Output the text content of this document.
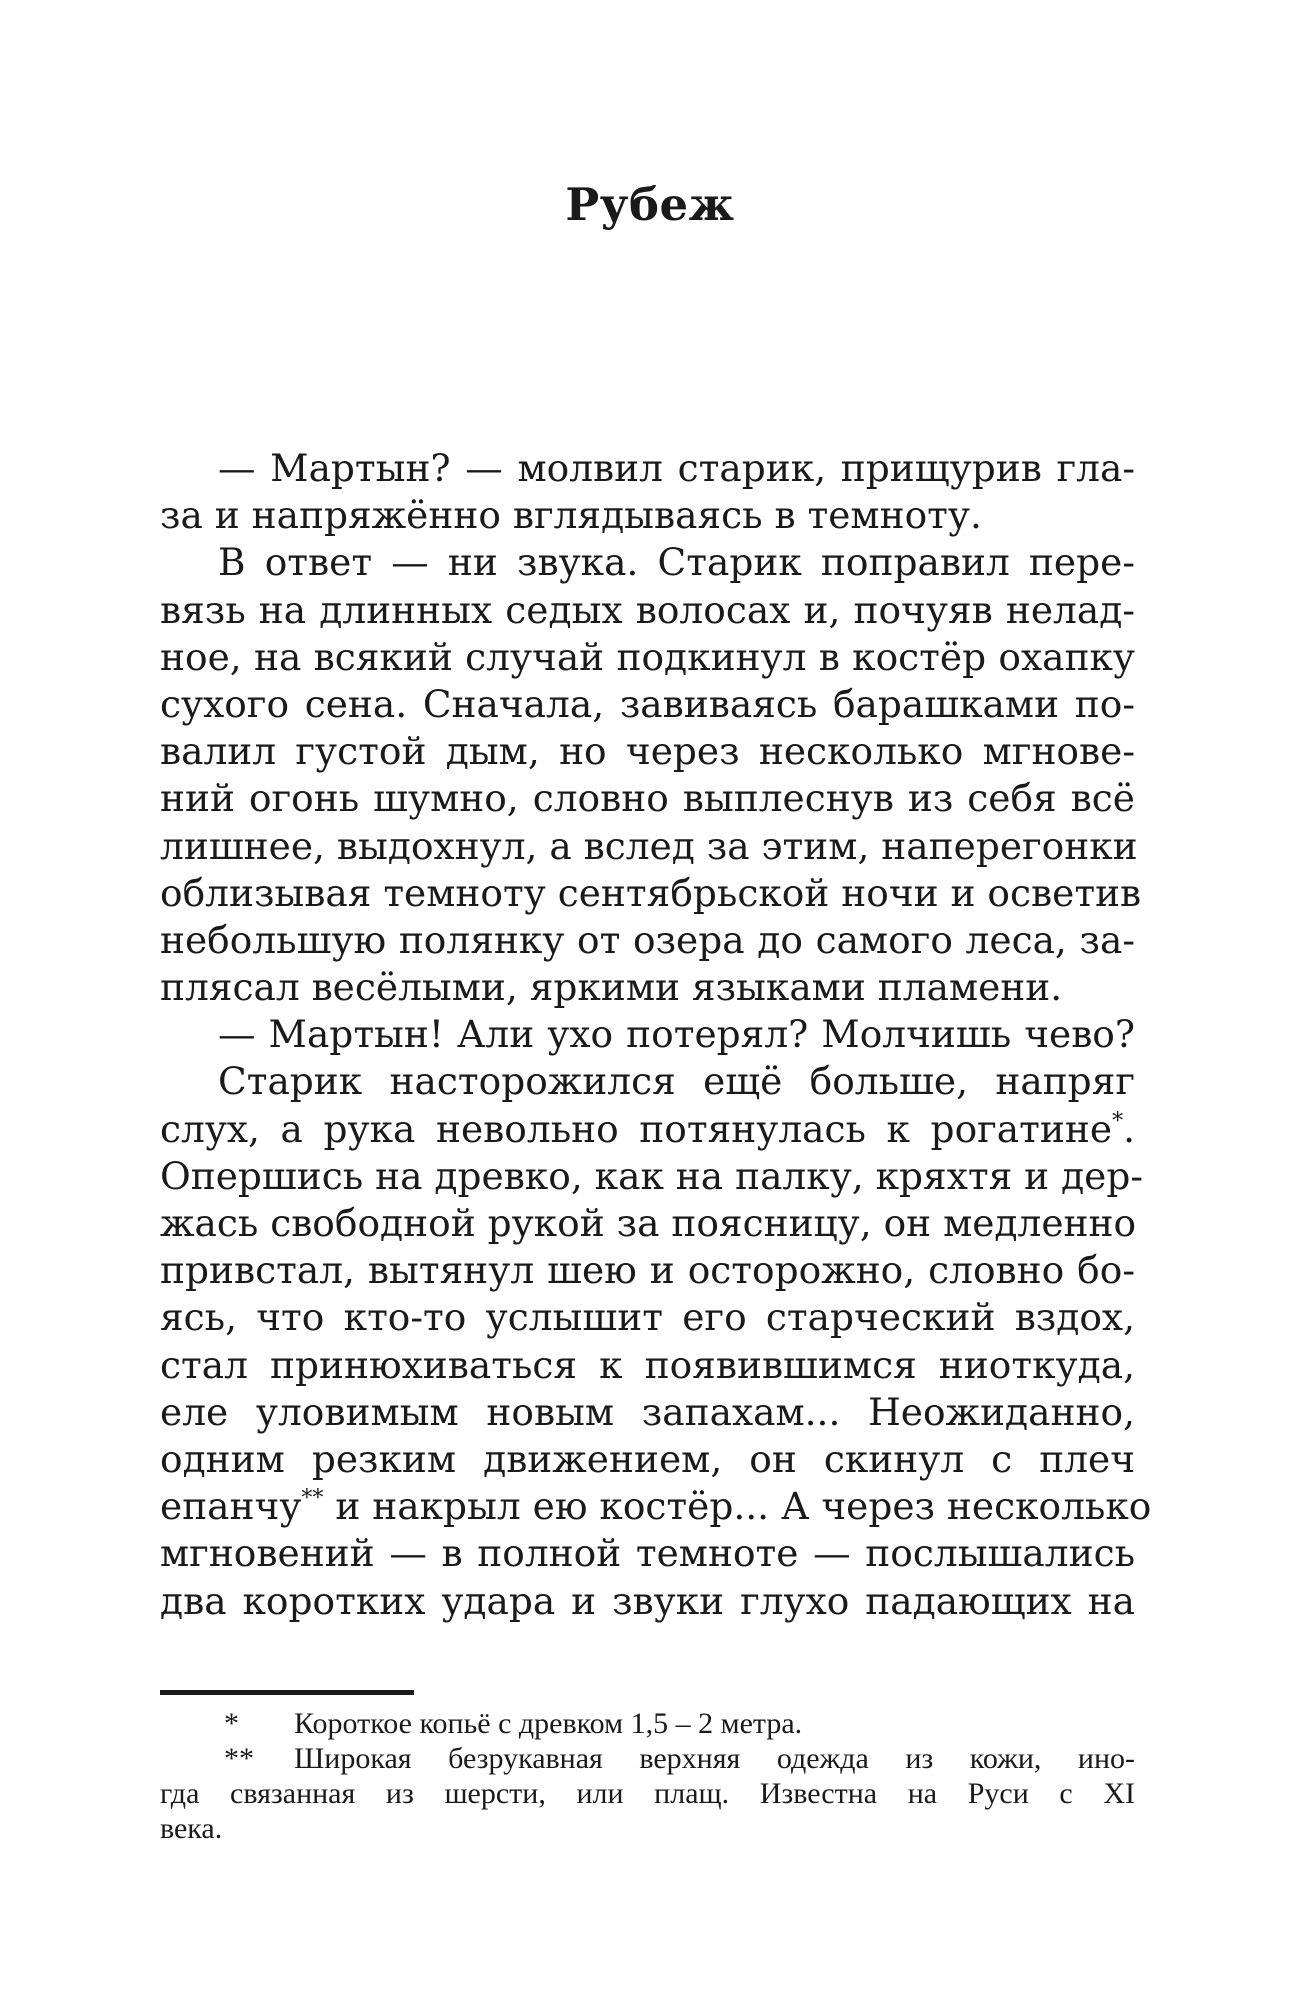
Рубеж
— Мартын? — молвил старик, прищурив гла-
за и напряжённо вглядываясь в темноту.
В ответ — ни звука. Старик поправил пере-
вязь на длинных седых волосах и, почуяв нелад-
ное, на всякий случай подкинул в костёр охапку
сухого сена. Сначала, завиваясь барашками по-
валил густой дым, но через несколько мгнове-
ний огонь шумно, словно выплеснув из себя всё
лишнее, выдохнул, а вслед за этим, наперегонки
облизывая темноту сентябрьской ночи и осветив
небольшую полянку от озера до самого леса, за-
плясал весёлыми, яркими языками пламени.
— Мартын! Али ухо потерял? Молчишь чево?
Старик насторожился ещё больше, напряг
слух, а рука невольно потянулась к рогатине*.
Опершись на древко, как на палку, кряхтя и дер-
жась свободной рукой за поясницу, он медленно
привстал, вытянул шею и осторожно, словно бо-
ясь, что кто-то услышит его старческий вздох,
стал принюхиваться к появившимся ниоткуда,
еле уловимым новым запахам... Неожиданно,
одним резким движением, он скинул с плеч
епанчу** и накрыл ею костёр... А через несколько
мгновений — в полной темноте — послышались
два коротких удара и звуки глухо падающих на
*	Короткое копьё с древком 1,5 – 2 метра.
**	Широкая безрукавная верхняя одежда из кожи, ино-
гда связанная из шерсти, или плащ. Известна на Руси с XI
века.
